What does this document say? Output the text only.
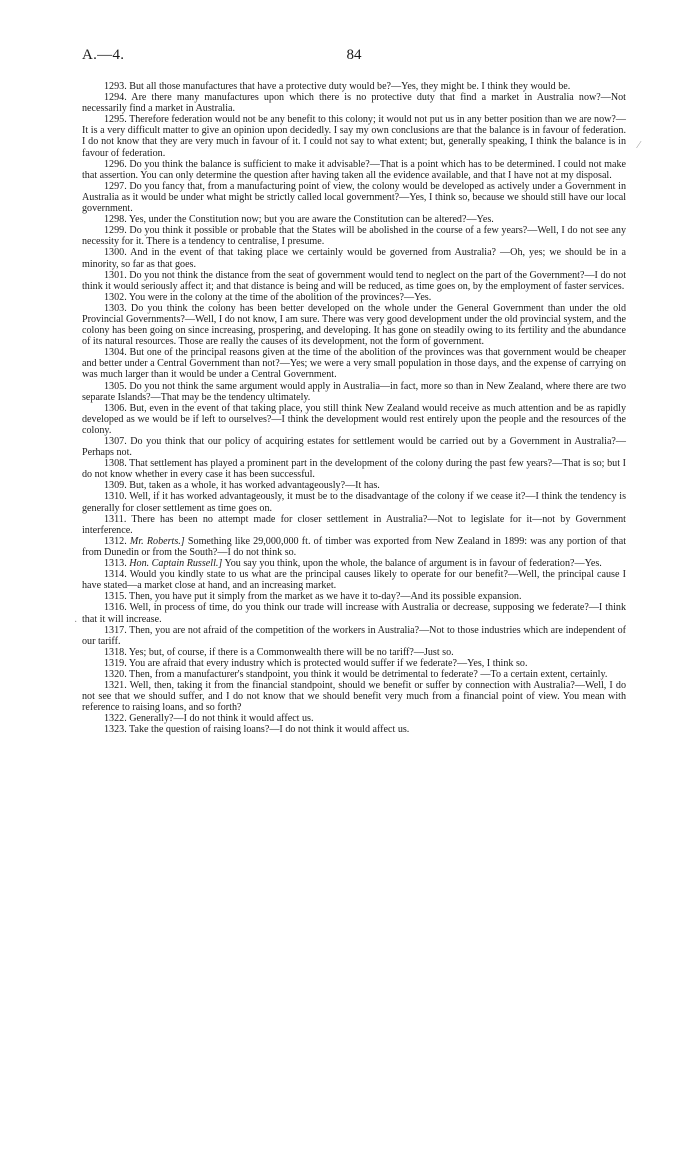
A.—4.	84

1293. But all those manufactures that have a protective duty would be?—Yes, they might be. I think they would be.

1294. Are there many manufactures upon which there is no protective duty that find a market in Australia now?—Not necessarily find a market in Australia.

1295. Therefore federation would not be any benefit to this colony; it would not put us in any better position than we are now?—It is a very difficult matter to give an opinion upon decidedly. I say my own conclusions are that the balance is in favour of federation. I do not know that they are very much in favour of it. I could not say to what extent; but, generally speaking, I think the balance is in favour of federation.

1296. Do you think the balance is sufficient to make it advisable?—That is a point which has to be determined. I could not make that assertion. You can only determine the question after having taken all the evidence available, and that I have not at my disposal.

1297. Do you fancy that, from a manufacturing point of view, the colony would be developed as actively under a Government in Australia as it would be under what might be strictly called local government?—Yes, I think so, because we should still have our local government.

1298. Yes, under the Constitution now; but you are aware the Constitution can be altered?—Yes.

1299. Do you think it possible or probable that the States will be abolished in the course of a few years?—Well, I do not see any necessity for it. There is a tendency to centralise, I presume.

1300. And in the event of that taking place we certainly would be governed from Australia? —Oh, yes; we should be in a minority, so far as that goes.

1301. Do you not think the distance from the seat of government would tend to neglect on the part of the Government?—I do not think it would seriously affect it; and that distance is being and will be reduced, as time goes on, by the employment of faster services.

1302. You were in the colony at the time of the abolition of the provinces?—Yes.

1303. Do you think the colony has been better developed on the whole under the General Government than under the old Provincial Governments?—Well, I do not know, I am sure. There was very good development under the old provincial system, and the colony has been going on since increasing, prospering, and developing. It has gone on steadily owing to its fertility and the abundance of its natural resources. Those are really the causes of its development, not the form of government.

1304. But one of the principal reasons given at the time of the abolition of the provinces was that government would be cheaper and better under a Central Government than not?—Yes; we were a very small population in those days, and the expense of carrying on was much larger than it would be under a Central Government.

1305. Do you not think the same argument would apply in Australia—in fact, more so than in New Zealand, where there are two separate Islands?—That may be the tendency ultimately.

1306. But, even in the event of that taking place, you still think New Zealand would receive as much attention and be as rapidly developed as we would be if left to ourselves?—I think the development would rest entirely upon the people and the resources of the colony.

1307. Do you think that our policy of acquiring estates for settlement would be carried out by a Government in Australia?—Perhaps not.

1308. That settlement has played a prominent part in the development of the colony during the past few years?—That is so; but I do not know whether in every case it has been successful.

1309. But, taken as a whole, it has worked advantageously?—It has.

1310. Well, if it has worked advantageously, it must be to the disadvantage of the colony if we cease it?—I think the tendency is generally for closer settlement as time goes on.

1311. There has been no attempt made for closer settlement in Australia?—Not to legislate for it—not by Government interference.

1312. Mr. Roberts.] Something like 29,000,000 ft. of timber was exported from New Zealand in 1899: was any portion of that from Dunedin or from the South?—I do not think so.

1313. Hon. Captain Russell.] You say you think, upon the whole, the balance of argument is in favour of federation?—Yes.

1314. Would you kindly state to us what are the principal causes likely to operate for our benefit?—Well, the principal cause I have stated—a market close at hand, and an increasing market.

1315. Then, you have put it simply from the market as we have it to-day?—And its possible expansion.

1316. Well, in process of time, do you think our trade will increase with Australia or decrease, supposing we federate?—I think that it will increase.

1317. Then, you are not afraid of the competition of the workers in Australia?—Not to those industries which are independent of our tariff.

1318. Yes; but, of course, if there is a Commonwealth there will be no tariff?—Just so.

1319. You are afraid that every industry which is protected would suffer if we federate?—Yes, I think so.

1320. Then, from a manufacturer's standpoint, you think it would be detrimental to federate? —To a certain extent, certainly.

1321. Well, then, taking it from the financial standpoint, should we benefit or suffer by connection with Australia?—Well, I do not see that we should suffer, and I do not know that we should benefit very much from a financial point of view. You mean with reference to raising loans, and so forth?

1322. Generally?—I do not think it would affect us.

1323. Take the question of raising loans?—I do not think it would affect us.

⁄
·
